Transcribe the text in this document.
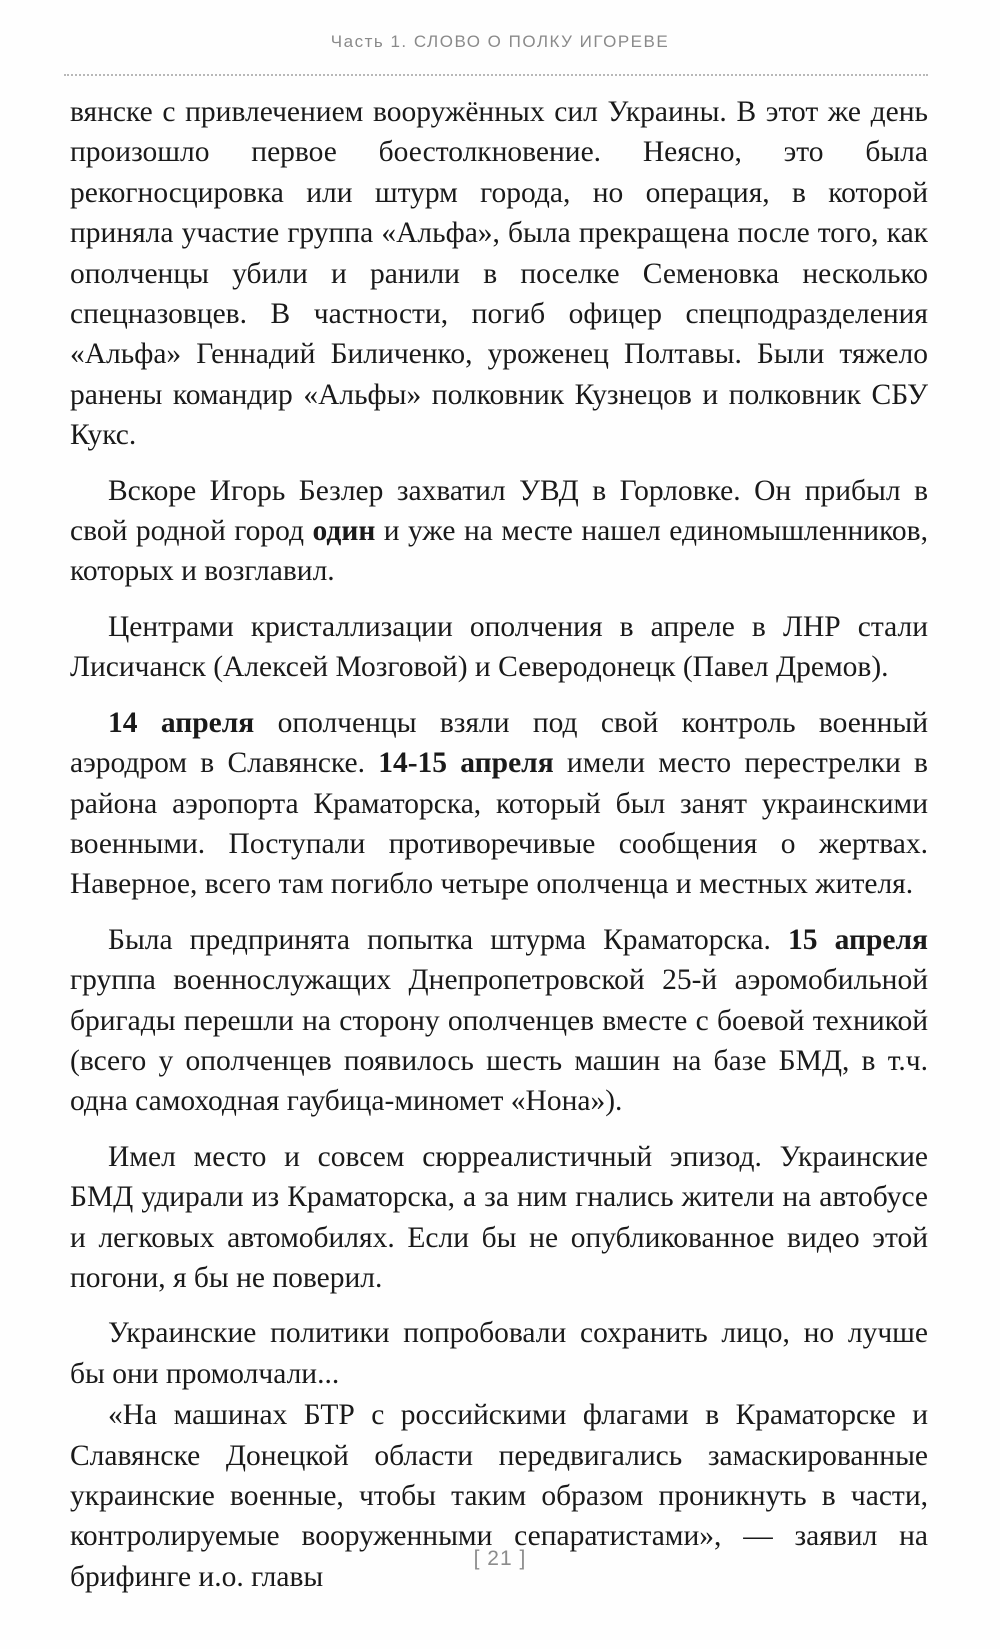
Часть 1. СЛОВО О ПОЛКУ ИГОРЕВЕ

вянске с привлечением вооружённых сил Украины. В этот же день произошло первое боестолкновение. Неясно, это была рекогносцировка или штурм города, но операция, в которой приняла участие группа «Альфа», была прекращена после того, как ополченцы убили и ранили в поселке Семеновка несколько спецназовцев. В частности, погиб офицер спецподразделения «Альфа» Геннадий Биличенко, уроженец Полтавы. Были тяжело ранены командир «Альфы» полковник Кузнецов и полковник СБУ Кукс.

Вскоре Игорь Безлер захватил УВД в Горловке. Он прибыл в свой родной город один и уже на месте нашел единомышленников, которых и возглавил.

Центрами кристаллизации ополчения в апреле в ЛНР стали Лисичанск (Алексей Мозговой) и Северодонецк (Павел Дремов).

14 апреля ополченцы взяли под свой контроль военный аэродром в Славянске. 14-15 апреля имели место перестрелки в района аэропорта Краматорска, который был занят украинскими военными. Поступали противоречивые сообщения о жертвах. Наверное, всего там погибло четыре ополченца и местных жителя.

Была предпринята попытка штурма Краматорска. 15 апреля группа военнослужащих Днепропетровской 25-й аэромобильной бригады перешли на сторону ополченцев вместе с боевой техникой (всего у ополченцев появилось шесть машин на базе БМД, в т.ч. одна самоходная гаубица-миномет «Нона»).

Имел место и совсем сюрреалистичный эпизод. Украинские БМД удирали из Краматорска, а за ним гнались жители на автобусе и легковых автомобилях. Если бы не опубликованное видео этой погони, я бы не поверил.

Украинские политики попробовали сохранить лицо, но лучше бы они промолчали...

«На машинах БТР с российскими флагами в Краматорске и Славянске Донецкой области передвигались замаскированные украинские военные, чтобы таким образом проникнуть в части, контролируемые вооруженными сепаратистами», — заявил на брифинге и.о. главы

[ 21 ]
